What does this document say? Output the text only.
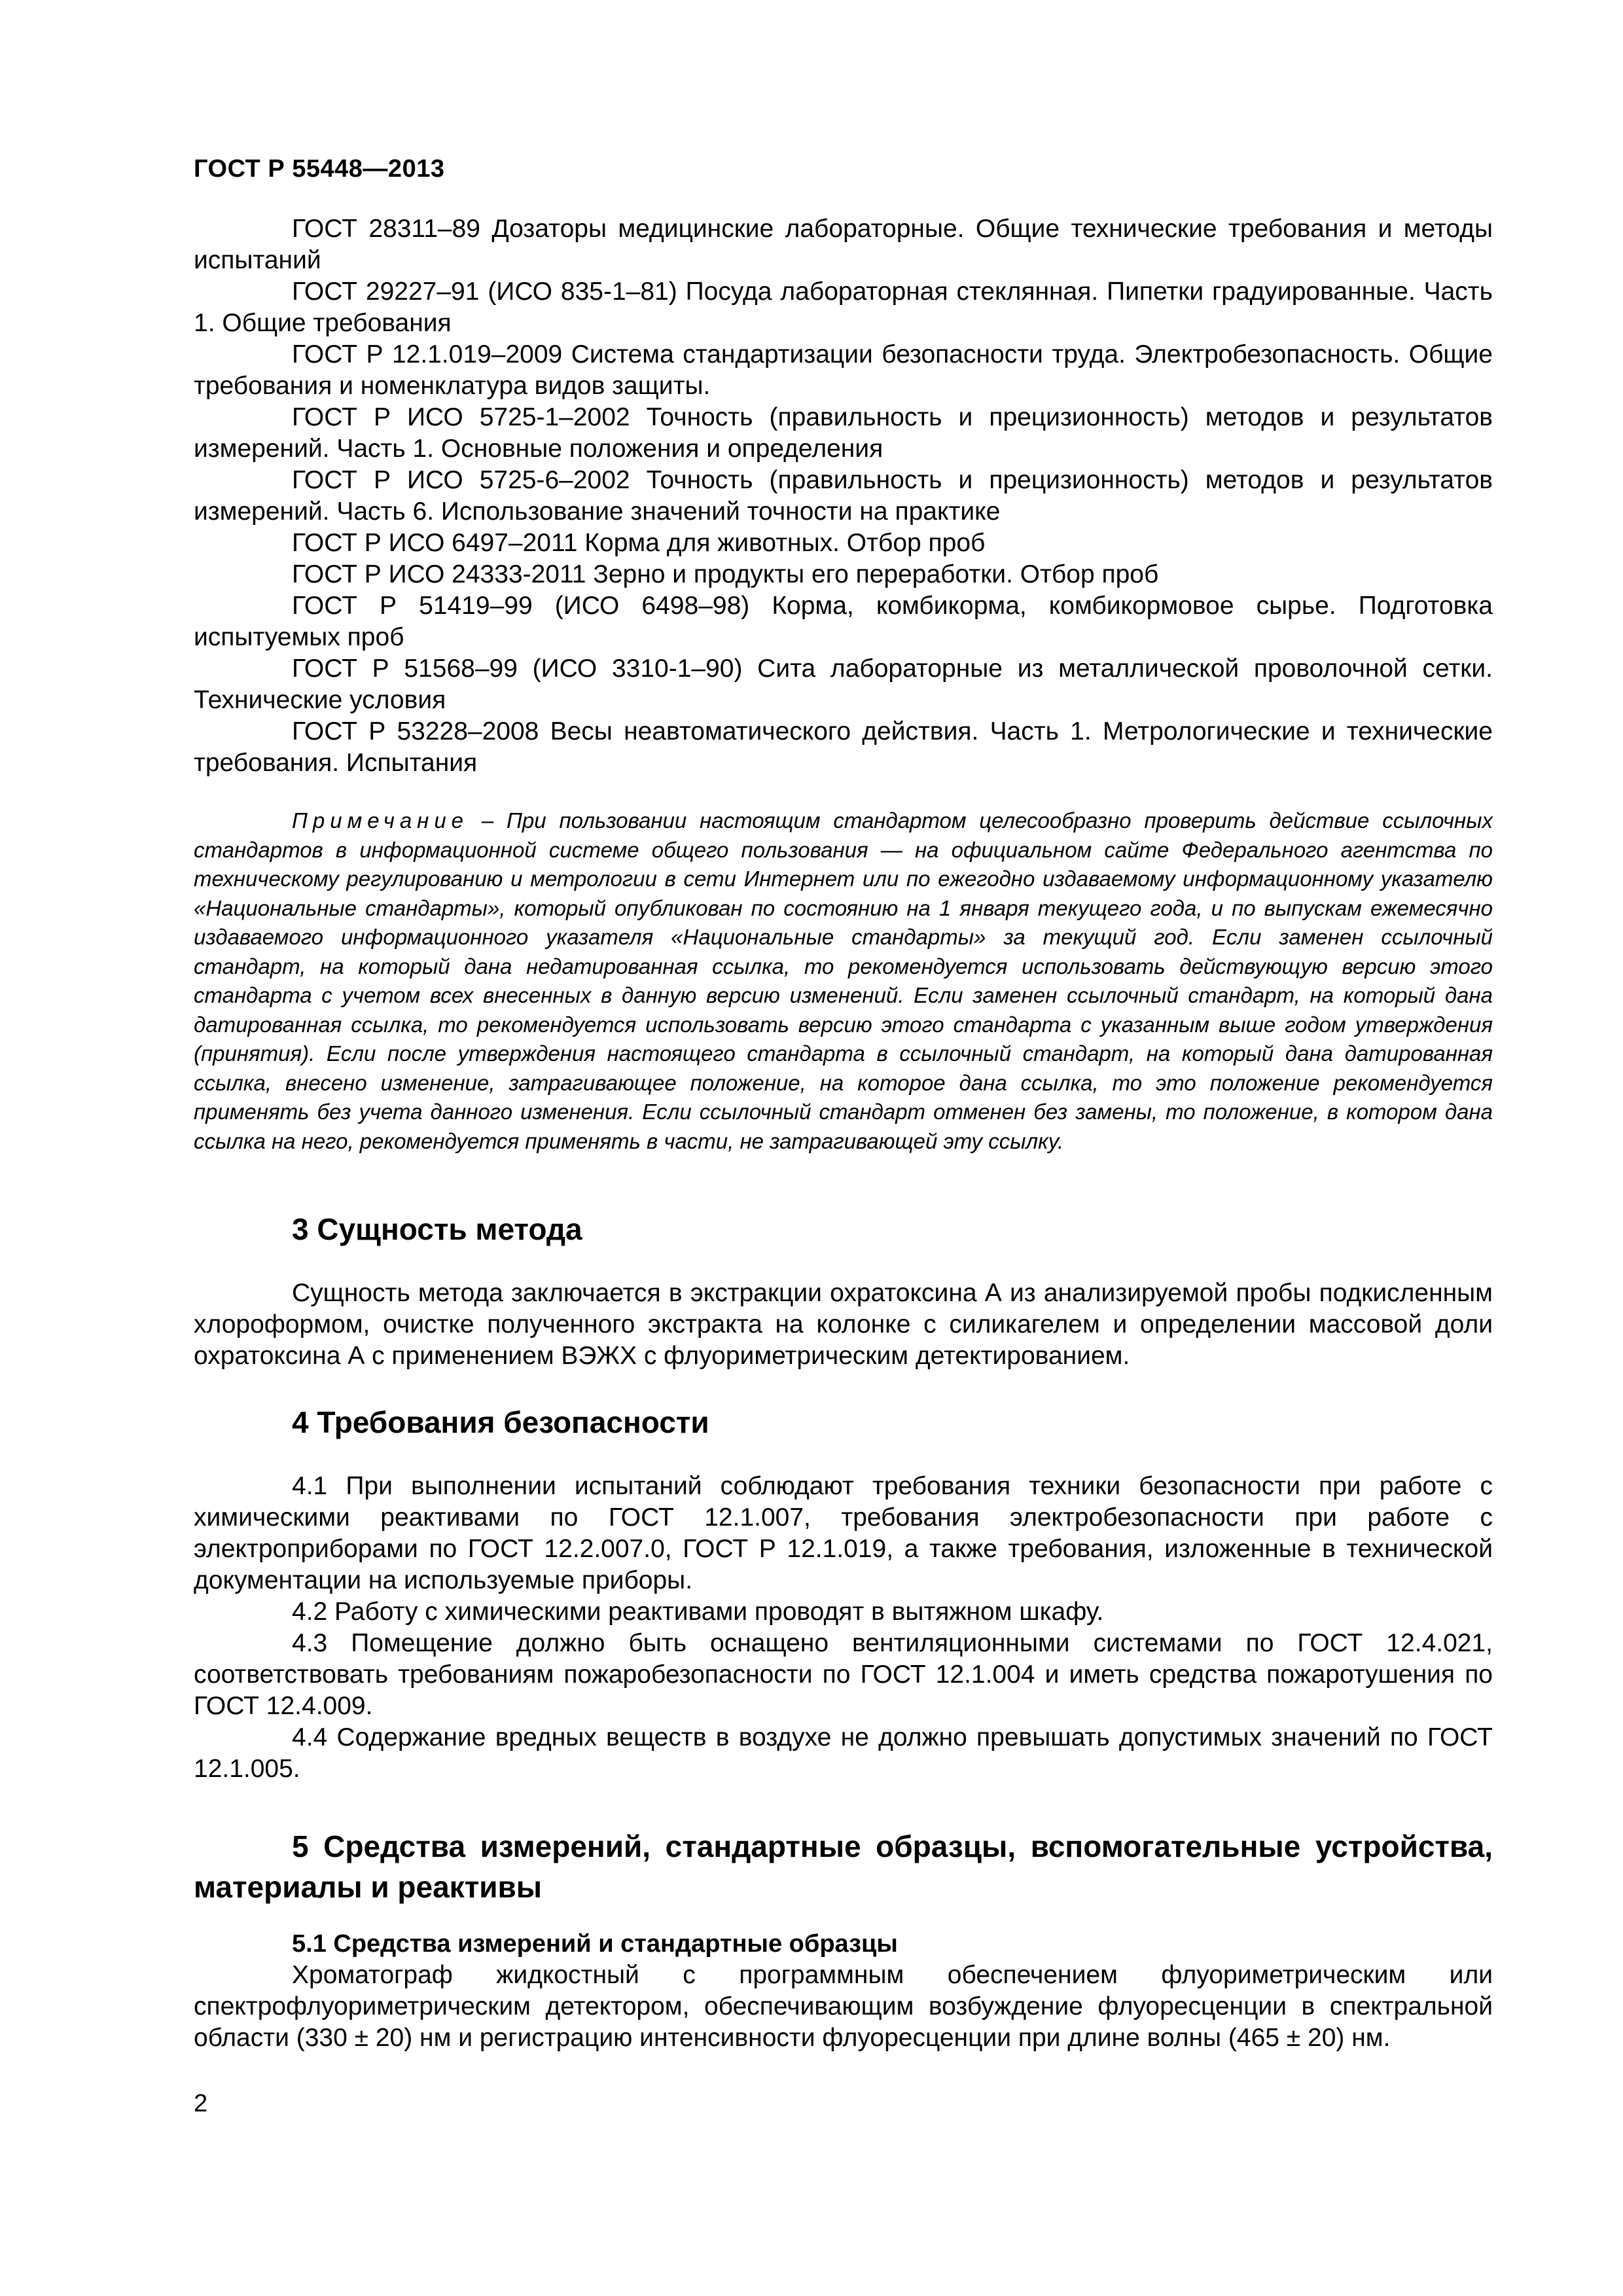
ГОСТ Р 55448—2013

ГОСТ 28311–89 Дозаторы медицинские лабораторные. Общие технические требования и методы испытаний

ГОСТ 29227–91 (ИСО 835-1–81) Посуда лабораторная стеклянная. Пипетки градуированные. Часть 1. Общие требования

ГОСТ Р 12.1.019–2009 Система стандартизации безопасности труда. Электробезопасность. Общие требования и номенклатура видов защиты.

ГОСТ Р ИСО 5725-1–2002 Точность (правильность и прецизионность) методов и результатов измерений. Часть 1. Основные положения и определения

ГОСТ Р ИСО 5725-6–2002 Точность (правильность и прецизионность) методов и результатов измерений. Часть 6. Использование значений точности на практике

ГОСТ Р ИСО 6497–2011 Корма для животных. Отбор проб

ГОСТ Р ИСО 24333-2011 Зерно и продукты его переработки. Отбор проб

ГОСТ Р 51419–99 (ИСО 6498–98) Корма, комбикорма, комбикормовое сырье. Подготовка испытуемых проб

ГОСТ Р 51568–99 (ИСО 3310-1–90) Сита лабораторные из металлической проволочной сетки. Технические условия

ГОСТ Р 53228–2008 Весы неавтоматического действия. Часть 1. Метрологические и технические требования. Испытания

Примечание – При пользовании настоящим стандартом целесообразно проверить действие ссылочных стандартов в информационной системе общего пользования — на официальном сайте Федерального агентства по техническому регулированию и метрологии в сети Интернет или по ежегодно издаваемому информационному указателю «Национальные стандарты», который опубликован по состоянию на 1 января текущего года, и по выпускам ежемесячно издаваемого информационного указателя «Национальные стандарты» за текущий год. Если заменен ссылочный стандарт, на который дана недатированная ссылка, то рекомендуется использовать действующую версию этого стандарта с учетом всех внесенных в данную версию изменений. Если заменен ссылочный стандарт, на который дана датированная ссылка, то рекомендуется использовать версию этого стандарта с указанным выше годом утверждения (принятия). Если после утверждения настоящего стандарта в ссылочный стандарт, на который дана датированная ссылка, внесено изменение, затрагивающее положение, на которое дана ссылка, то это положение рекомендуется применять без учета данного изменения. Если ссылочный стандарт отменен без замены, то положение, в котором дана ссылка на него, рекомендуется применять в части, не затрагивающей эту ссылку.

3 Сущность метода

Сущность метода заключается в экстракции охратоксина А из анализируемой пробы подкисленным хлороформом, очистке полученного экстракта на колонке с силикагелем и определении массовой доли охратоксина А с применением ВЭЖХ с флуориметрическим детектированием.

4 Требования безопасности

4.1 При выполнении испытаний соблюдают требования техники безопасности при работе с химическими реактивами по ГОСТ 12.1.007, требования электробезопасности при работе с электроприборами по ГОСТ 12.2.007.0, ГОСТ Р 12.1.019, а также требования, изложенные в технической документации на используемые приборы.

4.2 Работу с химическими реактивами проводят в вытяжном шкафу.

4.3 Помещение должно быть оснащено вентиляционными системами по ГОСТ 12.4.021, соответствовать требованиям пожаробезопасности по ГОСТ 12.1.004 и иметь средства пожаротушения по ГОСТ 12.4.009.

4.4 Содержание вредных веществ в воздухе не должно превышать допустимых значений по ГОСТ 12.1.005.

5 Средства измерений, стандартные образцы, вспомогательные устройства, материалы и реактивы

5.1 Средства измерений и стандартные образцы

Хроматограф жидкостный с программным обеспечением флуориметрическим или спектрофлуориметрическим детектором, обеспечивающим возбуждение флуоресценции в спектральной области (330 ± 20) нм и регистрацию интенсивности флуоресценции при длине волны (465 ± 20) нм.

2
